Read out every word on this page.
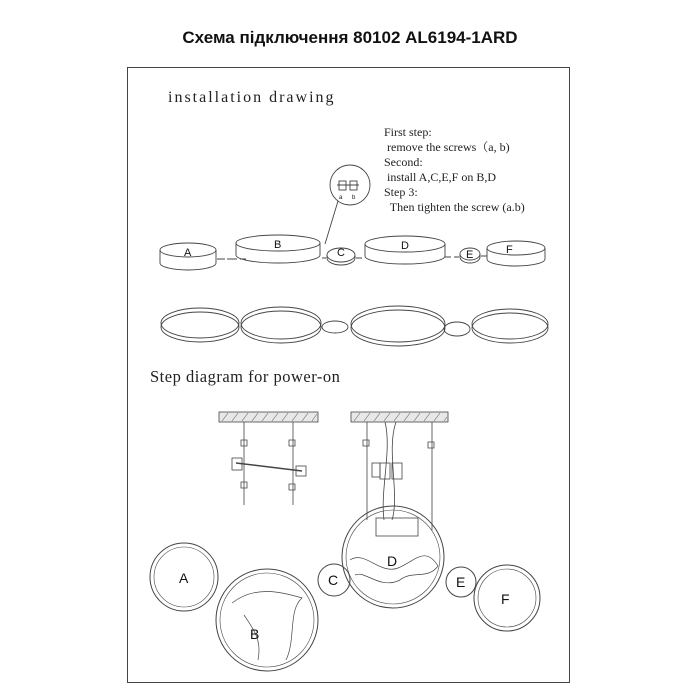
Схема підключення 80102 AL6194-1ARD
installation drawing
First step:
remove the screws（a, b)
Second:
install A,C,E,F on B,D
Step 3:
Then tighten the screw (a.b)
Step diagram for power-on
a b
A
B
C
D
E	F
A
B
C
D
E
F
